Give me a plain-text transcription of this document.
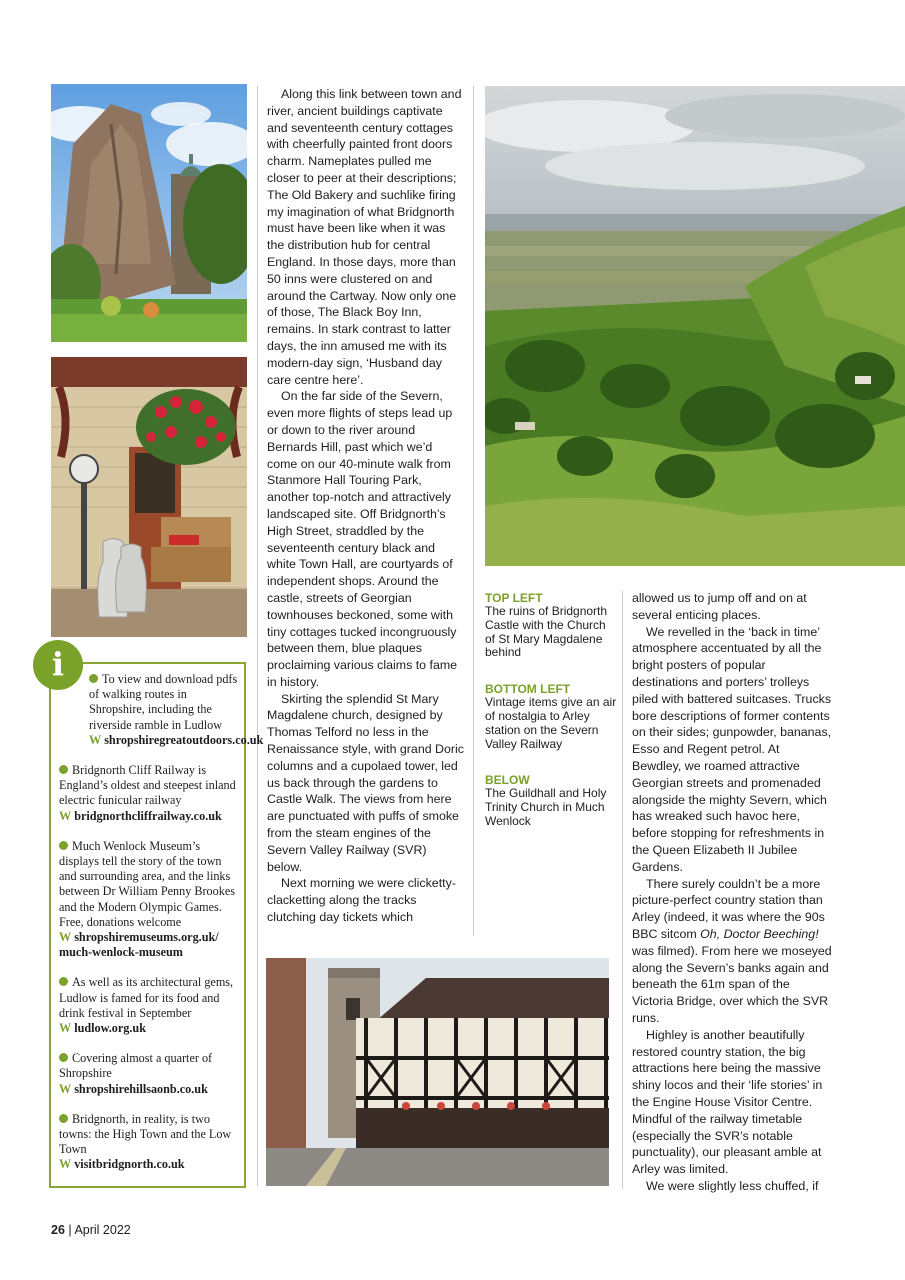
Along this link between town and river, ancient buildings captivate and seventeenth century cottages with cheerfully painted front doors charm. Nameplates pulled me closer to peer at their descriptions; The Old Bakery and suchlike firing my imagination of what Bridgnorth must have been like when it was the distribution hub for central England. In those days, more than 50 inns were clustered on and around the Cartway. Now only one of those, The Black Boy Inn, remains. In stark contrast to latter days, the inn amused me with its modern-day sign, ‘Husband day care centre here’.

On the far side of the Severn, even more flights of steps lead up or down to the river around Bernards Hill, past which we’d come on our 40-minute walk from Stanmore Hall Touring Park, another top-notch and attractively landscaped site. Off Bridgnorth’s High Street, straddled by the seventeenth century black and white Town Hall, are courtyards of independent shops. Around the castle, streets of Georgian townhouses beckoned, some with tiny cottages tucked incongruously between them, blue plaques proclaiming various claims to fame in history.

Skirting the splendid St Mary Magdalene church, designed by Thomas Telford no less in the Renaissance style, with grand Doric columns and a cupolaed tower, led us back through the gardens to Castle Walk. The views from here are punctuated with puffs of smoke from the steam engines of the Severn Valley Railway (SVR) below.

Next morning we were clicketty-clacketting along the tracks clutching day tickets which

TOP LEFT
The ruins of Bridgnorth Castle with the Church of St Mary Magdalene behind
BOTTOM LEFT
Vintage items give an air of nostalgia to Arley station on the Severn Valley Railway
BELOW
The Guildhall and Holy Trinity Church in Much Wenlock

allowed us to jump off and on at several enticing places.

We revelled in the ‘back in time’ atmosphere accentuated by all the bright posters of popular destinations and porters’ trolleys piled with battered suitcases. Trucks bore descriptions of former contents on their sides; gunpowder, bananas, Esso and Regent petrol. At Bewdley, we roamed attractive Georgian streets and promenaded alongside the mighty Severn, which has wreaked such havoc here, before stopping for refreshments in the Queen Elizabeth II Jubilee Gardens.

There surely couldn’t be a more picture-perfect country station than Arley (indeed, it was where the 90s BBC sitcom Oh, Doctor Beeching! was filmed). From here we moseyed along the Severn’s banks again and beneath the 61m span of the Victoria Bridge, over which the SVR runs.

Highley is another beautifully restored country station, the big attractions here being the massive shiny locos and their ‘life stories’ in the Engine House Visitor Centre. Mindful of the railway timetable (especially the SVR’s notable punctuality), our pleasant amble at Arley was limited.

We were slightly less chuffed, if

To view and download pdfs of walking routes in Shropshire, including the riverside ramble in Ludlow
W shropshiregreatoutdoors.co.uk
Bridgnorth Cliff Railway is England’s oldest and steepest inland electric funicular railway
W bridgnorthcliffrailway.co.uk
Much Wenlock Museum’s displays tell the story of the town and surrounding area, and the links between Dr William Penny Brookes and the Modern Olympic Games. Free, donations welcome
W shropshiremuseums.org.uk/ much-wenlock-museum
As well as its architectural gems, Ludlow is famed for its food and drink festival in September
W ludlow.org.uk
Covering almost a quarter of Shropshire
W shropshirehillsaonb.co.uk
Bridgnorth, in reality, is two towns: the High Town and the Low Town
W visitbridgnorth.co.uk
i
26 | April 2022
